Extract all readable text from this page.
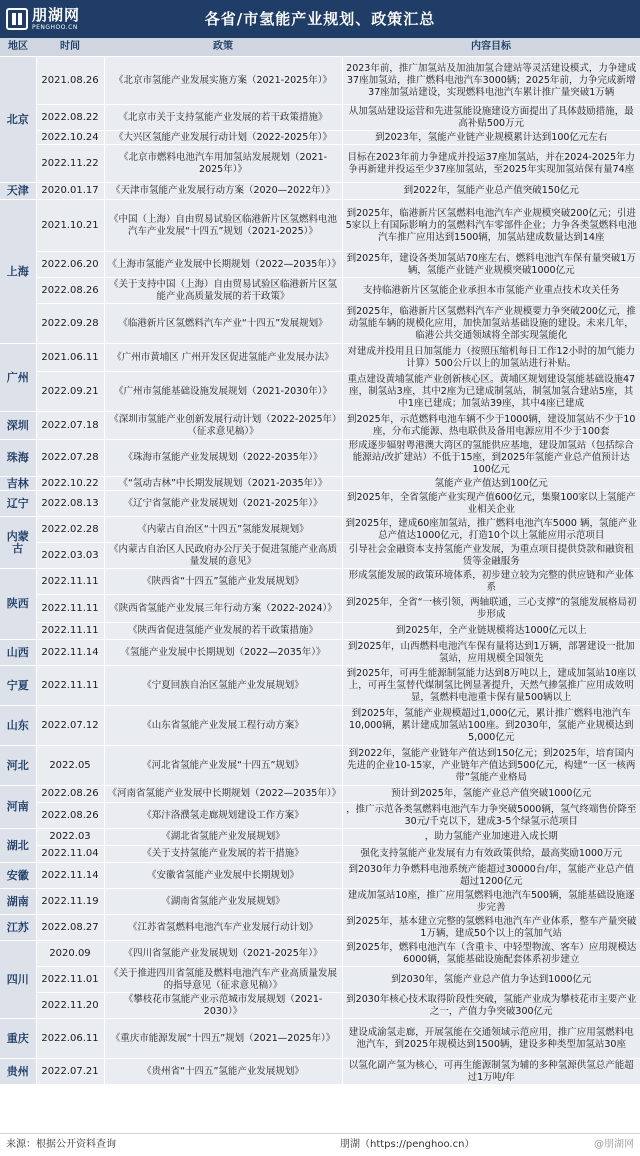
朋湖网
PENGHOO.CN	各省/市氢能产业规划、政策汇总
地区	时间	政策	内容目标
北京	2021.08.26	《北京市氢能产业发展实施方案（2021-2025年）》	2023年前，推广加氢站及加油加氢合建站等灵活建设模式，力争建成37座加氢站，推广燃料电池汽车3000辆；2025年前，力争完成新增37座加氢站建设，实现燃料电池汽车累计推广量突破1万辆
	2022.08.22	《北京市关于支持氢能产业发展的若干政策措施》	从加氢站建设运营和先进氢能设施建设方面提出了具体鼓励措施，最高补贴500万元
	2022.10.24	《大兴区氢能产业发展行动计划（2022-2025年）》	到2023年，氢能产业链产业规模累计达到100亿元左右
	2022.11.22	《北京市燃料电池汽车用加氢站发展规划（2021-2025年）》	目标在2023年前力争建成并投运37座加氢站，并在2024-2025年力争再新建并投运至少37座加氢站，至2025年实现加氢站保有量74座
天津	2020.01.17	《天津市氢能产业发展行动方案（2020—2022年）》	到2022年，氢能产业总产值突破150亿元
上海	2021.10.21	《中国（上海）自由贸易试验区临港新片区氢燃料电池汽车产业发展“十四五”规划（2021-2025）》	到2025年，临港新片区氢燃料电池汽车产业规模突破200亿元；引进5家以上有国际影响力的氢燃料汽车零部件企业；力争各类氢燃料电池汽车推广应用达到1500辆，加氢站建成数量达到14座
	2022.06.20	《上海市氢能产业发展中长期规划（2022—2035年）》	到2025年，建设各类加氢站70座左右、燃料电池汽车保有量突破1万辆，氢能产业链产业规模突破1000亿元
	2022.08.26	《关于支持中国（上海）自由贸易试验区临港新片区氢能产业高质量发展的若干政策》	支持临港新片区氢能企业承担本市氢能产业重点技术攻关任务
	2022.09.28	《临港新片区氢燃料汽车产业“十四五”发展规划》	到2025年，临港新片区氢燃料汽车产业规模要力争突破200亿元，推动氢能车辆的规模化应用，加快加氢站基础设施的建设。未来几年，临港公共交通领域将全部实现氢能化
广州	2021.06.11	《广州市黄埔区 广州开发区促进氢能产业发展办法》	对建成并投用且日加氢能力（按照压缩机每日工作12小时的加气能力计算）500公斤以上的加氢站进行补贴。
	2022.09.21	《广州市氢能基础设施发展规划（2021-2030年）》	重点建设黄埔氢能产业创新核心区。黄埔区规划建设氢能基础设施47座，制氢站3座，其中2座为已建成制氢站，制氢加氢合建站5座，其中1座已建成；加氢站39座，其中4座已建成
深圳	2022.07.18	《深圳市氢能产业创新发展行动计划（2022-2025年）（征求意见稿）》	到2025年，示范燃料电池车辆不少于1000辆，建设加氢站不少于10座，分布式能源、热电联供及备用电源应用不少于100套
珠海	2022.07.28	《珠海市氢能产业发展规划（2022-2035年）》	形成逐步辐射粤港澳大湾区的氢能供应基地，建设加氢站（包括综合能源站/改扩建站）不低于15座，到2025年氢能产业总产值预计达100亿元
吉林	2022.10.22	《“氢动吉林”中长期发展规划（2021-2035年）》	氢能产业产值达到100亿元
辽宁	2022.08.13	《辽宁省氢能产业发展规划（2021-2025年）》	到2025年，全省氢能产业实现产值600亿元，集聚100家以上氢能产业相关企业
内蒙古	2022.02.28	《内蒙古自治区“十四五”氢能发展规划》	到2025年，建成60座加氢站，推广燃料电池汽车5000 辆，氢能产业总产值达1000亿元，打造10个以上氢能应用示范项目
	2022.03.03	《内蒙古自治区人民政府办公厅关于促进氢能产业高质量发展的意见》	引导社会金融资本支持氢能产业发展，为重点项目提供贷款和融资租赁等金融服务
陕西	2022.11.11	《陕西省“十四五”氢能产业发展规划》	形成氢能发展的政策环境体系，初步建立较为完整的供应链和产业体系
	2022.11.11	《陕西省氢能产业发展三年行动方案（2022-2024）》	到2025年，全省“一核引领，两轴联通，三心支撑”的氢能发展格局初步形成
	2022.11.11	《陕西省促进氢能产业发展的若干政策措施》	到2025年，全产业链规模将达1000亿元以上
山西	2022.11.14	《氢能产业发展中长期规划（2022—2035年）》	到2025年，山西燃料电池汽车保有量将达到1万辆，部署建设一批加氢站，应用规模全国领先
宁夏	2022.11.11	《宁夏回族自治区氢能产业发展规划》	到2025年，可再生能源制氢能力达到8万吨以上，建成加氢站10座以上，可再生氢替代煤制氢比例显著提升，天然气掺氢推广应用成效明显，氢燃料电池重卡保有量500辆以上
山东	2022.07.12	《山东省氢能产业发展工程行动方案》	到2025年，氢能产业规模超过1,000亿元，累计推广燃料电池汽车10,000辆，累计建成加氢站100座。到2030年，氢能产业规模达到5,000亿元
河北	2022.05	《河北省氢能产业发展“十四五”规划》	到2022年，氢能产业链年产值达到150亿元；到2025年，培育国内先进的企业10-15家，产业链年产值达到500亿元，构建“一区一核两带”氢能产业格局
河南	2022.08.26	《河南省氢能产业发展中长期规划（2022—2035年）》	预计到2025年，氢能产业总产值突破1000亿元
	2022.08.26	《郑汴洛濮氢走廊规划建设工作方案》	，推广示范各类氢燃料电池汽车力争突破5000辆，氢气终端售价降至30元/千克以下，建成3-5个绿氢示范项目
湖北	2022.03	《湖北省氢能产业发展规划》	，助力氢能产业加速进入成长期
	2022.11.04	《关于支持氢能产业发展的若干措施》	强化支持氢能产业发展有力有效政策供给，最高奖励1000万元
安徽	2022.11.14	《安徽省氢能产业发展中长期规划》	到2030年力争燃料电池系统产能超过30000台/年，氢能产业总产值超过1200亿元
湖南	2022.11.19	《湖南省氢能产业发展规划》	建成加氢站10座，推广应用氢燃料电池汽车500辆，氢能基础设施逐步完善
江苏	2022.08.27	《江苏省氢燃料电池汽车产业发展行动计划》	到2025年，基本建立完整的氢燃料电池汽车产业体系，整车产量突破1万辆，建成50个以上的氢加气站
四川	2020.09	《四川省氢能产业发展规划（2021-2025年）》	到2025年，燃料电池汽车（含重卡、中轻型物流、客车）应用规模达6000辆，氢能基础设施配套体系初步建立
	2022.11.01	《关于推进四川省氢能及燃料电池汽车产业高质量发展的指导意见（征求意见稿）》	到2030年，氢能产业总产值力争达到1000亿元
	2022.11.20	《攀枝花市氢能产业示范城市发展规划（2021-2030）》	到2030年核心技术取得阶段性突破，氢能产业成为攀枝花市主要产业之一，产值力争突破300亿元
重庆	2022.06.11	《重庆市能源发展“十四五”规划（2021—2025年）》	建设成渝氢走廊，开展氢能在交通领域示范应用，推广应用氢燃料电池汽车，到2025年规模达到1500辆，建设多种类型加氢站30座
贵州	2022.07.21	《贵州省“十四五”氢能产业发展规划》	以氢化副产氢为核心，可再生能源制氢为辅的多种氢源供氢总产能超过1万吨/年
来源：根据公开资料查询	朋湖（https://penghoo.cn）	@朋湖网
